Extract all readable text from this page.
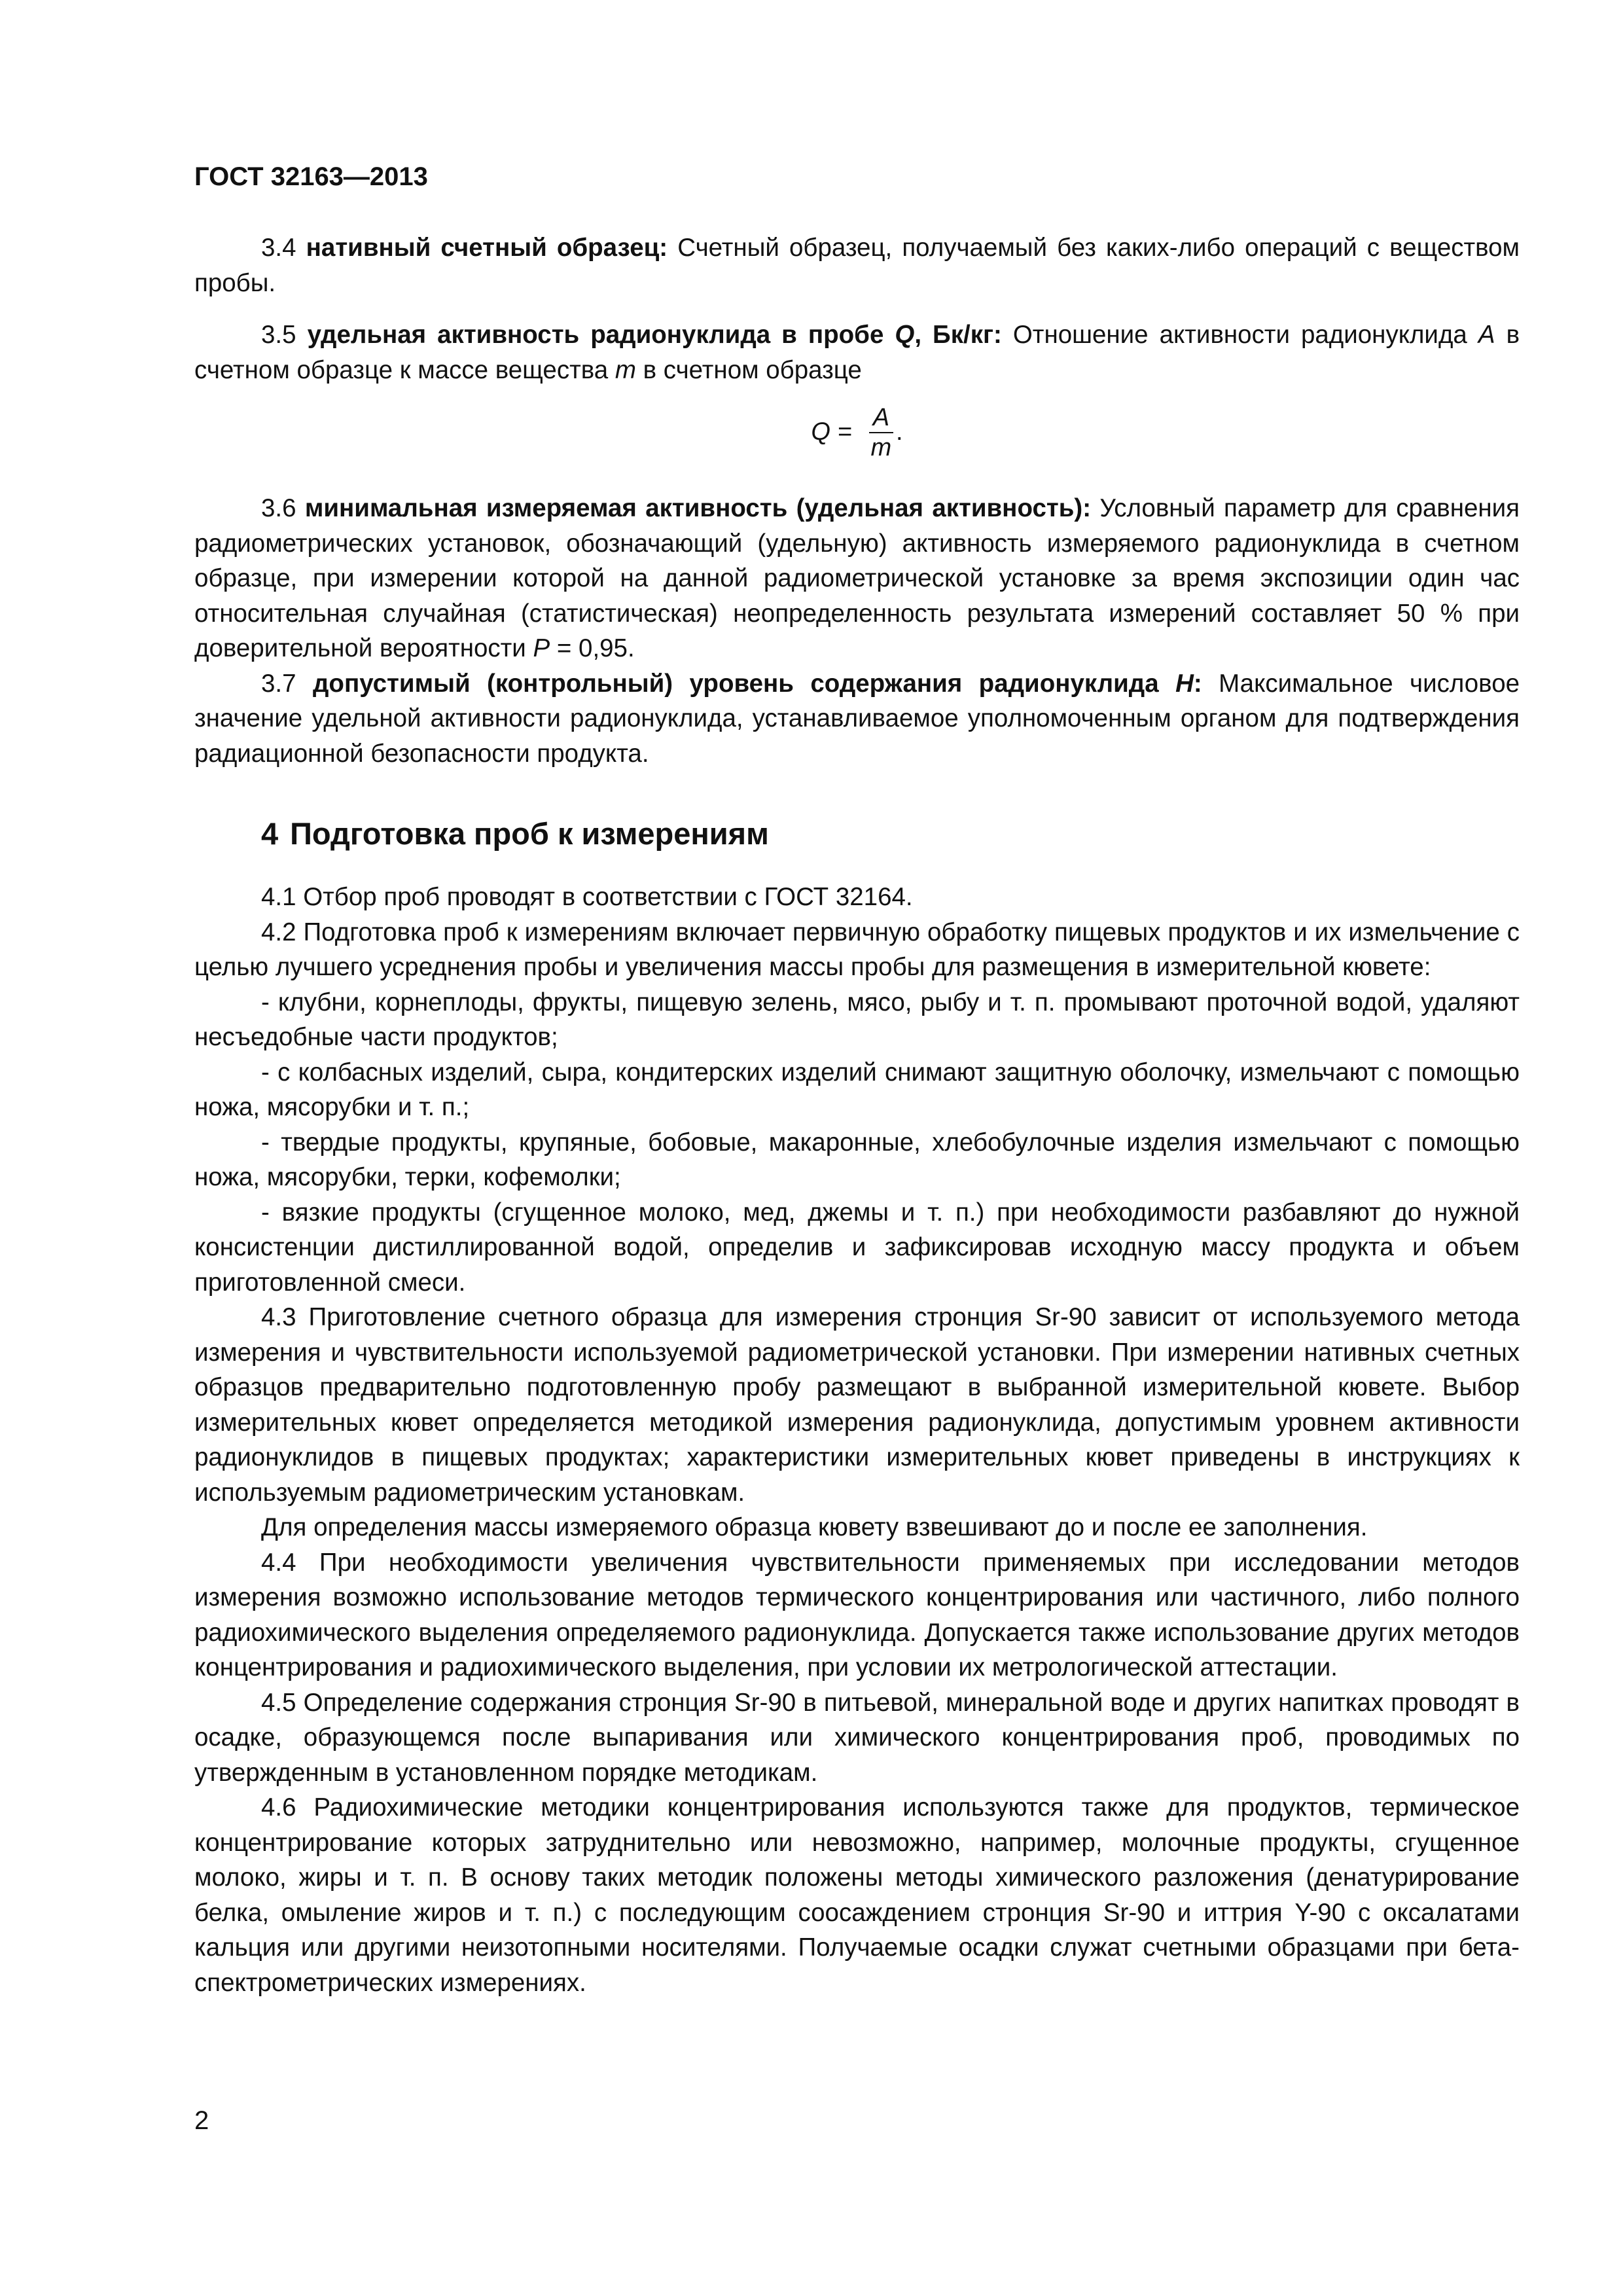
ГОСТ 32163—2013

3.4 нативный счетный образец: Счетный образец, получаемый без каких-либо операций с веществом пробы.

3.5 удельная активность радионуклида в пробе Q, Бк/кг: Отношение активности радионуклида A в счетном образце к массе вещества m в счетном образце

$Q = \frac{A}{m}$ .

3.6 минимальная измеряемая активность (удельная активность): Условный параметр для сравнения радиометрических установок, обозначающий (удельную) активность измеряемого радионуклида в счетном образце, при измерении которой на данной радиометрической установке за время экспозиции один час относительная случайная (статистическая) неопределенность результата измерений составляет 50 % при доверительной вероятности P = 0,95.

3.7 допустимый (контрольный) уровень содержания радионуклида H: Максимальное числовое значение удельной активности радионуклида, устанавливаемое уполномоченным органом для подтверждения радиационной безопасности продукта.

4 Подготовка проб к измерениям

4.1 Отбор проб проводят в соответствии с ГОСТ 32164.

4.2 Подготовка проб к измерениям включает первичную обработку пищевых продуктов и их измельчение с целью лучшего усреднения пробы и увеличения массы пробы для размещения в измерительной кювете:

- клубни, корнеплоды, фрукты, пищевую зелень, мясо, рыбу и т. п. промывают проточной водой, удаляют несъедобные части продуктов;

- с колбасных изделий, сыра, кондитерских изделий снимают защитную оболочку, измельчают с помощью ножа, мясорубки и т. п.;

- твердые продукты, крупяные, бобовые, макаронные, хлебобулочные изделия измельчают с помощью ножа, мясорубки, терки, кофемолки;

- вязкие продукты (сгущенное молоко, мед, джемы и т. п.) при необходимости разбавляют до нужной консистенции дистиллированной водой, определив и зафиксировав исходную массу продукта и объем приготовленной смеси.

4.3 Приготовление счетного образца для измерения стронция Sr-90 зависит от используемого метода измерения и чувствительности используемой радиометрической установки. При измерении нативных счетных образцов предварительно подготовленную пробу размещают в выбранной измерительной кювете. Выбор измерительных кювет определяется методикой измерения радионуклида, допустимым уровнем активности радионуклидов в пищевых продуктах; характеристики измерительных кювет приведены в инструкциях к используемым радиометрическим установкам.

Для определения массы измеряемого образца кювету взвешивают до и после ее заполнения.

4.4 При необходимости увеличения чувствительности применяемых при исследовании методов измерения возможно использование методов термического концентрирования или частичного, либо полного радиохимического выделения определяемого радионуклида. Допускается также использование других методов концентрирования и радиохимического выделения, при условии их метрологической аттестации.

4.5 Определение содержания стронция Sr-90 в питьевой, минеральной воде и других напитках проводят в осадке, образующемся после выпаривания или химического концентрирования проб, проводимых по утвержденным в установленном порядке методикам.

4.6 Радиохимические методики концентрирования используются также для продуктов, термическое концентрирование которых затруднительно или невозможно, например, молочные продукты, сгущенное молоко, жиры и т. п. В основу таких методик положены методы химического разложения (денатурирование белка, омыление жиров и т. п.) с последующим соосаждением стронция Sr-90 и иттрия Y-90 с оксалатами кальция или другими неизотопными носителями. Получаемые осадки служат счетными образцами при бета-спектрометрических измерениях.

2
